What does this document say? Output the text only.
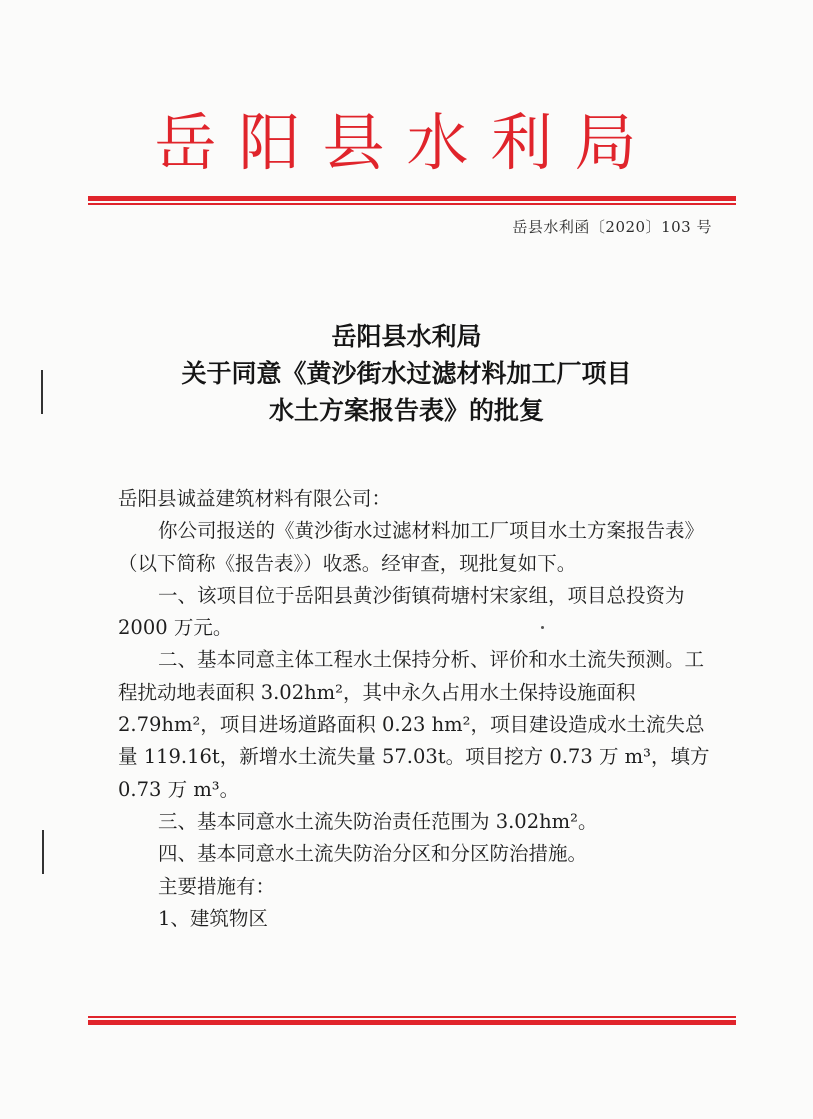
岳阳县水利局
岳县水利函〔2020〕103 号
岳阳县水利局
关于同意《黄沙街水过滤材料加工厂项目
水土方案报告表》的批复

岳阳县诚益建筑材料有限公司：

你公司报送的《黄沙街水过滤材料加工厂项目水土方案报告表》（以下简称《报告表》）收悉。经审查，现批复如下。

一、该项目位于岳阳县黄沙街镇荷塘村宋家组，项目总投资为 2000 万元。

二、基本同意主体工程水土保持分析、评价和水土流失预测。工程扰动地表面积 3.02hm²，其中永久占用水土保持设施面积 2.79hm²，项目进场道路面积 0.23 hm²，项目建设造成水土流失总量 119.16t，新增水土流失量 57.03t。项目挖方 0.73 万 m³，填方 0.73 万 m³。

三、基本同意水土流失防治责任范围为 3.02hm²。

四、基本同意水土流失防治分区和分区防治措施。

主要措施有：

1、建筑物区
